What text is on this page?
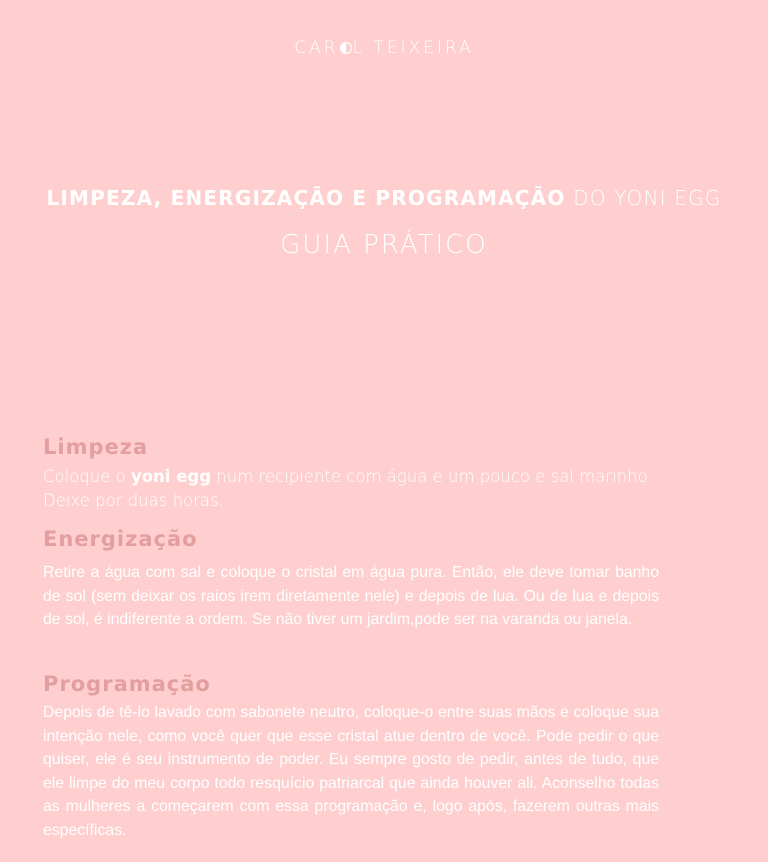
CAR L TEIXEIRA
LIMPEZA, ENERGIZAÇÃO E PROGRAMAÇÃO DO YONI EGG
GUIA PRÁTICO
Limpeza

Coloque o yoni egg num recipiente com água e um pouco e sal marinho. Deixe por duas horas.

Energização

Retire a água com sal e coloque o cristal em água pura. Então, ele deve tomar banho de sol (sem deixar os raios irem diretamente nele) e depois de lua. Ou de lua e depois de sol, é indiferente a ordem. Se não tiver um jardim,pode ser na varanda ou janela.

Programação

Depois de tê-lo lavado com sabonete neutro, coloque-o entre suas mãos e coloque sua intenção nele, como você quer que esse cristal atue dentro de você. Pode pedir o que quiser, ele é seu instrumento de poder. Eu sempre gosto de pedir, antes de tudo, que ele limpe do meu corpo todo resquício patriarcal que ainda houver ali. Aconselho todas as mulheres a começarem com essa programação e, logo após, fazerem outras mais específicas.
